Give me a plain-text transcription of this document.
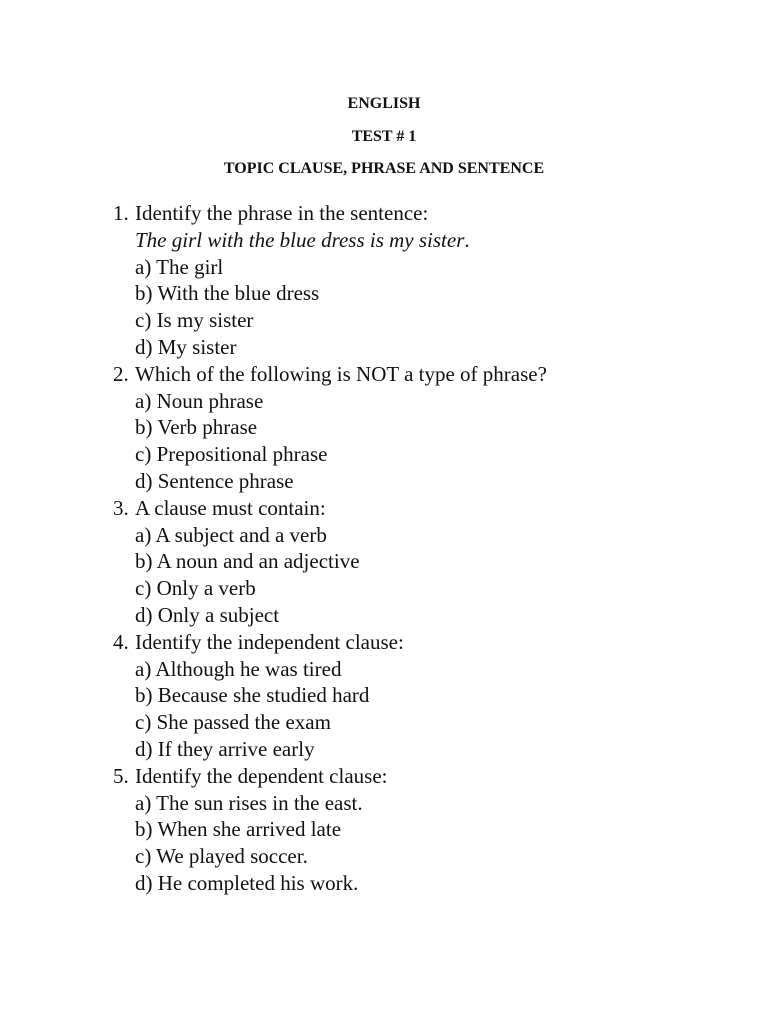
ENGLISH
TEST # 1
TOPIC CLAUSE, PHRASE AND SENTENCE
1. Identify the phrase in the sentence:
The girl with the blue dress is my sister.
a) The girl
b) With the blue dress
c) Is my sister
d) My sister
2. Which of the following is NOT a type of phrase?
a) Noun phrase
b) Verb phrase
c) Prepositional phrase
d) Sentence phrase
3. A clause must contain:
a) A subject and a verb
b) A noun and an adjective
c) Only a verb
d) Only a subject
4. Identify the independent clause:
a) Although he was tired
b) Because she studied hard
c) She passed the exam
d) If they arrive early
5. Identify the dependent clause:
a) The sun rises in the east.
b) When she arrived late
c) We played soccer.
d) He completed his work.
